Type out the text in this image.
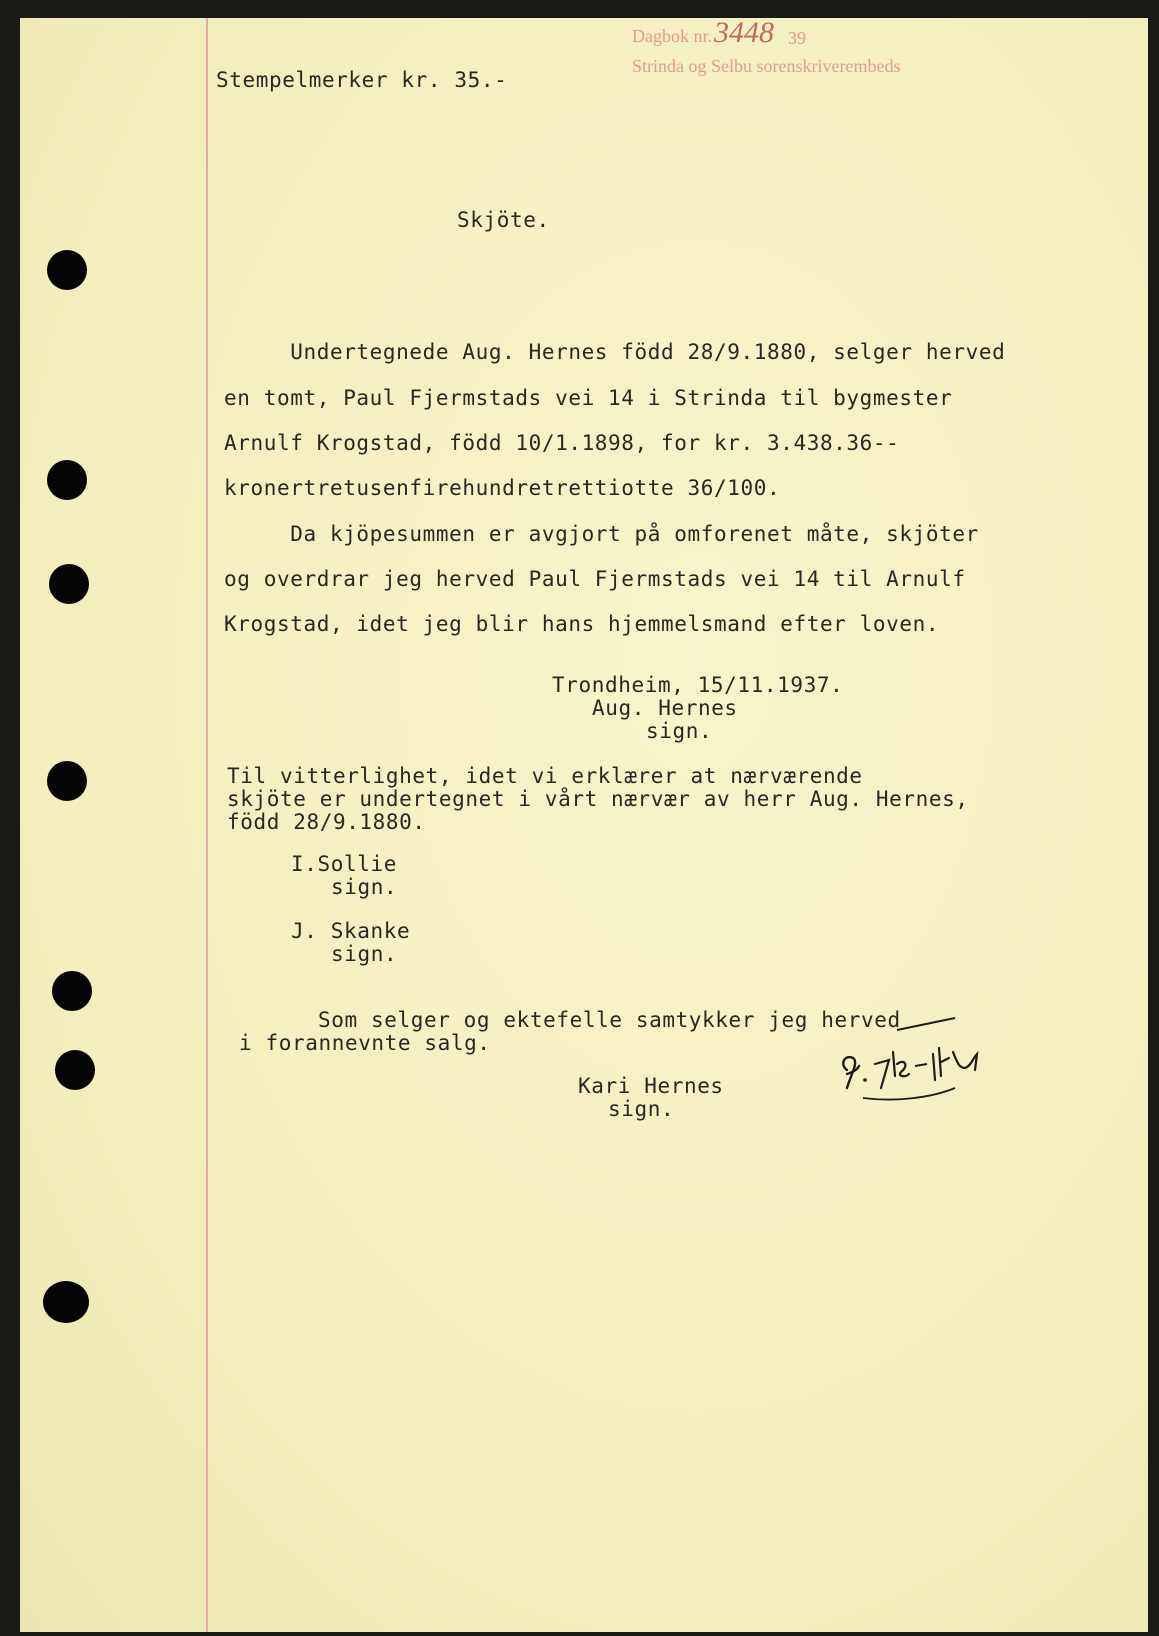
Dagbok nr. 3448 39
Strinda og Selbu sorenskriverembeds
Stempelmerker kr. 35.-
Skjöte.
Undertegnede Aug. Hernes född 28/9.1880, selger herved
en tomt, Paul Fjermstads vei 14 i Strinda til bygmester
Arnulf Krogstad, född 10/1.1898, for kr. 3.438.36--
kronertretusenfirehundretrettiotte 36/100.
Da kjöpesummen er avgjort på omforenet måte, skjöter
og overdrar jeg herved Paul Fjermstads vei 14 til Arnulf
Krogstad, idet jeg blir hans hjemmelsmand efter loven.
Trondheim, 15/11.1937.
Aug. Hernes
sign.
Til vitterlighet, idet vi erklærer at nærværende
skjöte er undertegnet i vårt nærvær av herr Aug. Hernes,
född 28/9.1880.
I.Sollie
sign.
J. Skanke
sign.
Som selger og ektefelle samtykker jeg herved
i forannevnte salg.
Kari Hernes
sign.
